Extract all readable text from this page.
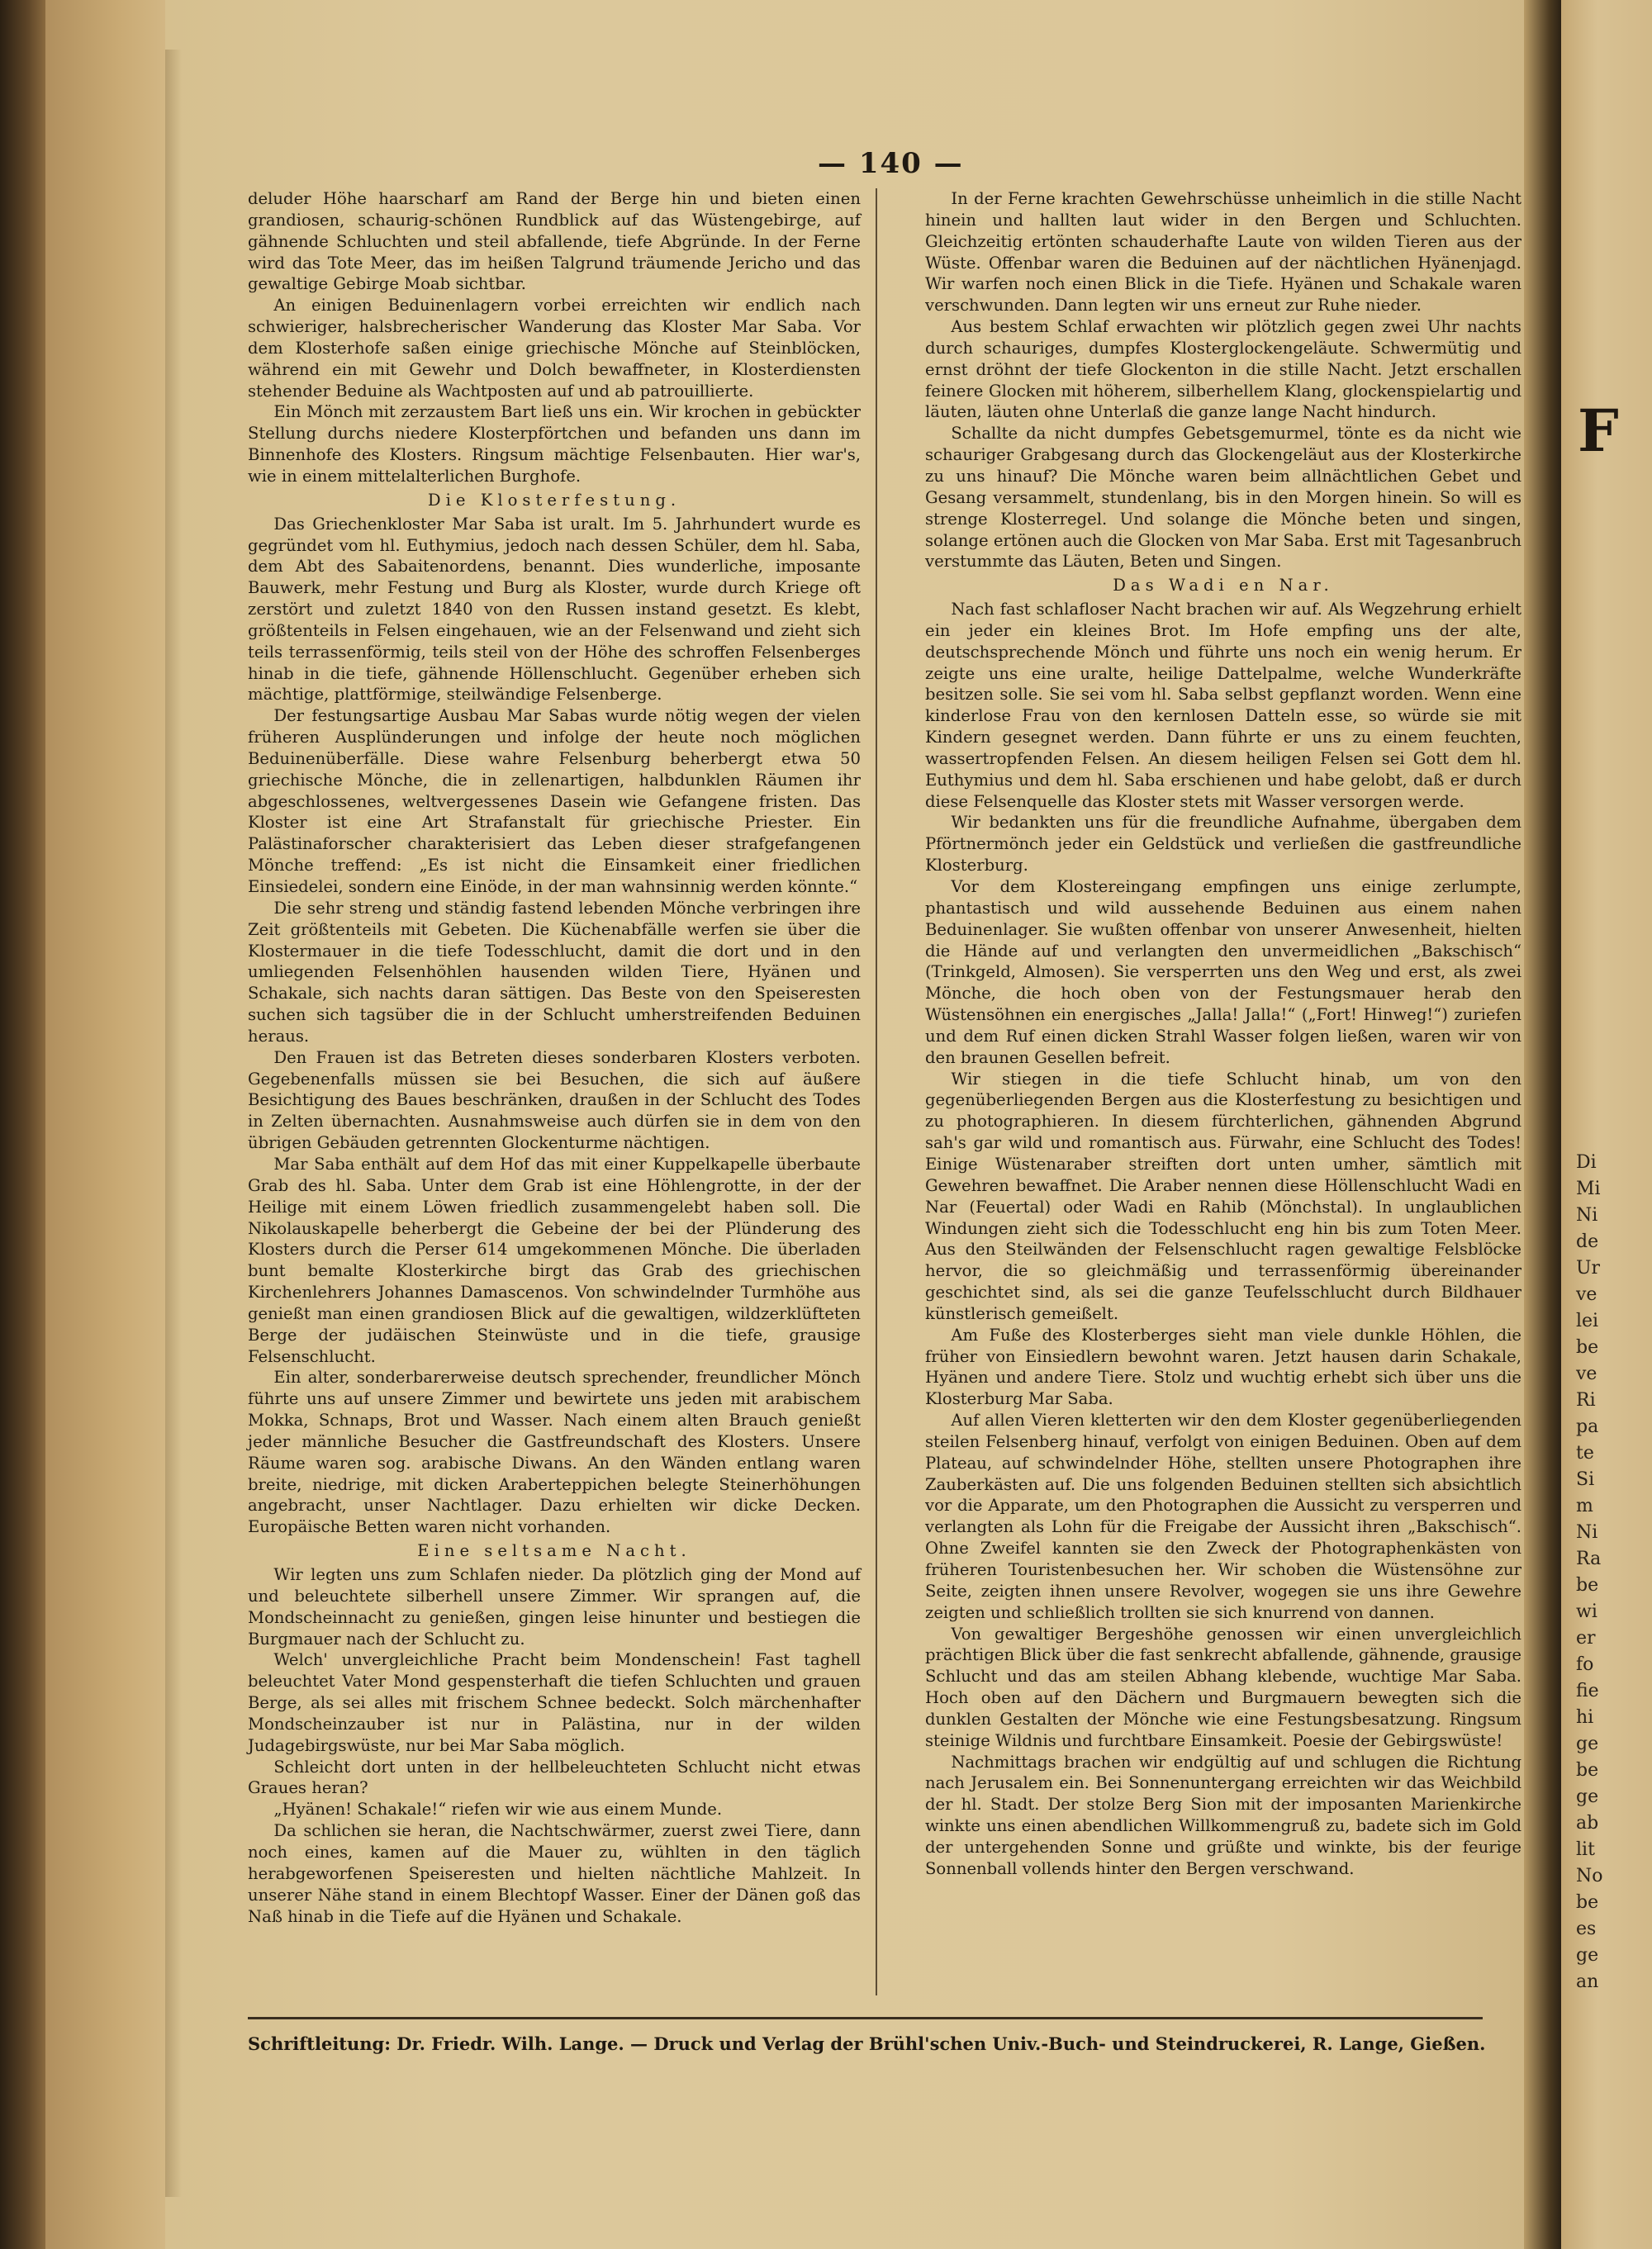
— 140 —

deluder Höhe haarscharf am Rand der Berge hin und bieten einen grandiosen, schaurig-schönen Rundblick auf das Wüstengebirge, auf gähnende Schluchten und steil abfallende, tiefe Abgründe. In der Ferne wird das Tote Meer, das im heißen Talgrund träumende Jericho und das gewaltige Gebirge Moab sichtbar.

An einigen Beduinenlagern vorbei erreichten wir endlich nach schwieriger, halsbrecherischer Wanderung das Kloster Mar Saba. Vor dem Klosterhofe saßen einige griechische Mönche auf Steinblöcken, während ein mit Gewehr und Dolch bewaffneter, in Klosterdiensten stehender Beduine als Wachtposten auf und ab patrouillierte.

Ein Mönch mit zerzaustem Bart ließ uns ein. Wir krochen in gebückter Stellung durchs niedere Klosterpförtchen und befanden uns dann im Binnenhofe des Klosters. Ringsum mächtige Felsenbauten. Hier war's, wie in einem mittelalterlichen Burghofe.

Die Klosterfestung.

Das Griechenkloster Mar Saba ist uralt. Im 5. Jahrhundert wurde es gegründet vom hl. Euthymius, jedoch nach dessen Schüler, dem hl. Saba, dem Abt des Sabaitenordens, benannt. Dies wunderliche, imposante Bauwerk, mehr Festung und Burg als Kloster, wurde durch Kriege oft zerstört und zuletzt 1840 von den Russen instand gesetzt. Es klebt, größtenteils in Felsen eingehauen, wie an der Felsenwand und zieht sich teils terrassenförmig, teils steil von der Höhe des schroffen Felsenberges hinab in die tiefe, gähnende Höllenschlucht. Gegenüber erheben sich mächtige, plattförmige, steilwändige Felsenberge.

Der festungsartige Ausbau Mar Sabas wurde nötig wegen der vielen früheren Ausplünderungen und infolge der heute noch möglichen Beduinenüberfälle. Diese wahre Felsenburg beherbergt etwa 50 griechische Mönche, die in zellenartigen, halbdunklen Räumen ihr abgeschlossenes, weltvergessenes Dasein wie Gefangene fristen. Das Kloster ist eine Art Strafanstalt für griechische Priester. Ein Palästinaforscher charakterisiert das Leben dieser strafgefangenen Mönche treffend: „Es ist nicht die Einsamkeit einer friedlichen Einsiedelei, sondern eine Einöde, in der man wahnsinnig werden könnte.“

Die sehr streng und ständig fastend lebenden Mönche verbringen ihre Zeit größtenteils mit Gebeten. Die Küchenabfälle werfen sie über die Klostermauer in die tiefe Todesschlucht, damit die dort und in den umliegenden Felsenhöhlen hausenden wilden Tiere, Hyänen und Schakale, sich nachts daran sättigen. Das Beste von den Speiseresten suchen sich tagsüber die in der Schlucht umherstreifenden Beduinen heraus.

Den Frauen ist das Betreten dieses sonderbaren Klosters verboten. Gegebenenfalls müssen sie bei Besuchen, die sich auf äußere Besichtigung des Baues beschränken, draußen in der Schlucht des Todes in Zelten übernachten. Ausnahmsweise auch dürfen sie in dem von den übrigen Gebäuden getrennten Glockenturme nächtigen.

Mar Saba enthält auf dem Hof das mit einer Kuppelkapelle überbaute Grab des hl. Saba. Unter dem Grab ist eine Höhlengrotte, in der der Heilige mit einem Löwen friedlich zusammengelebt haben soll. Die Nikolauskapelle beherbergt die Gebeine der bei der Plünderung des Klosters durch die Perser 614 umgekommenen Mönche. Die überladen bunt bemalte Klosterkirche birgt das Grab des griechischen Kirchenlehrers Johannes Damascenos. Von schwindelnder Turmhöhe aus genießt man einen grandiosen Blick auf die gewaltigen, wildzerklüfteten Berge der judäischen Steinwüste und in die tiefe, grausige Felsenschlucht.

Ein alter, sonderbarerweise deutsch sprechender, freundlicher Mönch führte uns auf unsere Zimmer und bewirtete uns jeden mit arabischem Mokka, Schnaps, Brot und Wasser. Nach einem alten Brauch genießt jeder männliche Besucher die Gastfreundschaft des Klosters. Unsere Räume waren sog. arabische Diwans. An den Wänden entlang waren breite, niedrige, mit dicken Araberteppichen belegte Steinerhöhungen angebracht, unser Nachtlager. Dazu erhielten wir dicke Decken. Europäische Betten waren nicht vorhanden.

Eine seltsame Nacht.

Wir legten uns zum Schlafen nieder. Da plötzlich ging der Mond auf und beleuchtete silberhell unsere Zimmer. Wir sprangen auf, die Mondscheinnacht zu genießen, gingen leise hinunter und bestiegen die Burgmauer nach der Schlucht zu.

Welch' unvergleichliche Pracht beim Mondenschein! Fast taghell beleuchtet Vater Mond gespensterhaft die tiefen Schluchten und grauen Berge, als sei alles mit frischem Schnee bedeckt. Solch märchenhafter Mondscheinzauber ist nur in Palästina, nur in der wilden Judagebirgswüste, nur bei Mar Saba möglich.

Schleicht dort unten in der hellbeleuchteten Schlucht nicht etwas Graues heran?

„Hyänen! Schakale!“ riefen wir wie aus einem Munde.

Da schlichen sie heran, die Nachtschwärmer, zuerst zwei Tiere, dann noch eines, kamen auf die Mauer zu, wühlten in den täglich herabgeworfenen Speiseresten und hielten nächtliche Mahlzeit. In unserer Nähe stand in einem Blechtopf Wasser. Einer der Dänen goß das Naß hinab in die Tiefe auf die Hyänen und Schakale.

In der Ferne krachten Gewehrschüsse unheimlich in die stille Nacht hinein und hallten laut wider in den Bergen und Schluchten. Gleichzeitig ertönten schauderhafte Laute von wilden Tieren aus der Wüste. Offenbar waren die Beduinen auf der nächtlichen Hyänenjagd. Wir warfen noch einen Blick in die Tiefe. Hyänen und Schakale waren verschwunden. Dann legten wir uns erneut zur Ruhe nieder.

Aus bestem Schlaf erwachten wir plötzlich gegen zwei Uhr nachts durch schauriges, dumpfes Klosterglockengeläute. Schwermütig und ernst dröhnt der tiefe Glockenton in die stille Nacht. Jetzt erschallen feinere Glocken mit höherem, silberhellem Klang, glockenspielartig und läuten, läuten ohne Unterlaß die ganze lange Nacht hindurch.

Schallte da nicht dumpfes Gebetsgemurmel, tönte es da nicht wie schauriger Grabgesang durch das Glockengeläut aus der Klosterkirche zu uns hinauf? Die Mönche waren beim allnächtlichen Gebet und Gesang versammelt, stundenlang, bis in den Morgen hinein. So will es strenge Klosterregel. Und solange die Mönche beten und singen, solange ertönen auch die Glocken von Mar Saba. Erst mit Tagesanbruch verstummte das Läuten, Beten und Singen.

Das Wadi en Nar.

Nach fast schlafloser Nacht brachen wir auf. Als Wegzehrung erhielt ein jeder ein kleines Brot. Im Hofe empfing uns der alte, deutschsprechende Mönch und führte uns noch ein wenig herum. Er zeigte uns eine uralte, heilige Dattelpalme, welche Wunderkräfte besitzen solle. Sie sei vom hl. Saba selbst gepflanzt worden. Wenn eine kinderlose Frau von den kernlosen Datteln esse, so würde sie mit Kindern gesegnet werden. Dann führte er uns zu einem feuchten, wassertropfenden Felsen. An diesem heiligen Felsen sei Gott dem hl. Euthymius und dem hl. Saba erschienen und habe gelobt, daß er durch diese Felsenquelle das Kloster stets mit Wasser versorgen werde.

Wir bedankten uns für die freundliche Aufnahme, übergaben dem Pförtnermönch jeder ein Geldstück und verließen die gastfreundliche Klosterburg.

Vor dem Klostereingang empfingen uns einige zerlumpte, phantastisch und wild aussehende Beduinen aus einem nahen Beduinenlager. Sie wußten offenbar von unserer Anwesenheit, hielten die Hände auf und verlangten den unvermeidlichen „Bakschisch“ (Trinkgeld, Almosen). Sie versperrten uns den Weg und erst, als zwei Mönche, die hoch oben von der Festungsmauer herab den Wüstensöhnen ein energisches „Jalla! Jalla!“ („Fort! Hinweg!“) zuriefen und dem Ruf einen dicken Strahl Wasser folgen ließen, waren wir von den braunen Gesellen befreit.

Wir stiegen in die tiefe Schlucht hinab, um von den gegenüberliegenden Bergen aus die Klosterfestung zu besichtigen und zu photographieren. In diesem fürchterlichen, gähnenden Abgrund sah's gar wild und romantisch aus. Fürwahr, eine Schlucht des Todes! Einige Wüstenaraber streiften dort unten umher, sämtlich mit Gewehren bewaffnet. Die Araber nennen diese Höllenschlucht Wadi en Nar (Feuertal) oder Wadi en Rahib (Mönchstal). In unglaublichen Windungen zieht sich die Todesschlucht eng hin bis zum Toten Meer. Aus den Steilwänden der Felsenschlucht ragen gewaltige Felsblöcke hervor, die so gleichmäßig und terrassenförmig übereinander geschichtet sind, als sei die ganze Teufelsschlucht durch Bildhauer künstlerisch gemeißelt.

Am Fuße des Klosterberges sieht man viele dunkle Höhlen, die früher von Einsiedlern bewohnt waren. Jetzt hausen darin Schakale, Hyänen und andere Tiere. Stolz und wuchtig erhebt sich über uns die Klosterburg Mar Saba.

Auf allen Vieren kletterten wir den dem Kloster gegenüberliegenden steilen Felsenberg hinauf, verfolgt von einigen Beduinen. Oben auf dem Plateau, auf schwindelnder Höhe, stellten unsere Photographen ihre Zauberkästen auf. Die uns folgenden Beduinen stellten sich absichtlich vor die Apparate, um den Photographen die Aussicht zu versperren und verlangten als Lohn für die Freigabe der Aussicht ihren „Bakschisch“. Ohne Zweifel kannten sie den Zweck der Photographenkästen von früheren Touristenbesuchen her. Wir schoben die Wüstensöhne zur Seite, zeigten ihnen unsere Revolver, wogegen sie uns ihre Gewehre zeigten und schließlich trollten sie sich knurrend von dannen.

Von gewaltiger Bergeshöhe genossen wir einen unvergleichlich prächtigen Blick über die fast senkrecht abfallende, gähnende, grausige Schlucht und das am steilen Abhang klebende, wuchtige Mar Saba. Hoch oben auf den Dächern und Burgmauern bewegten sich die dunklen Gestalten der Mönche wie eine Festungsbesatzung. Ringsum steinige Wildnis und furchtbare Einsamkeit. Poesie der Gebirgswüste!

Nachmittags brachen wir endgültig auf und schlugen die Richtung nach Jerusalem ein. Bei Sonnenuntergang erreichten wir das Weichbild der hl. Stadt. Der stolze Berg Sion mit der imposanten Marienkirche winkte uns einen abendlichen Willkommengruß zu, badete sich im Gold der untergehenden Sonne und grüßte und winkte, bis der feurige Sonnenball vollends hinter den Bergen verschwand.

Schriftleitung: Dr. Friedr. Wilh. Lange. — Druck und Verlag der Brühl'schen Univ.-Buch- und Steindruckerei, R. Lange, Gießen.
F
Di
Mi
Ni
de
Ur
ve
lei
be
ve
Ri
pa
te
Si
m
Ni
Ra
be
wi
er
fo
fie
hi
ge
be
ge
ab
lit
No
be
es
ge
an
